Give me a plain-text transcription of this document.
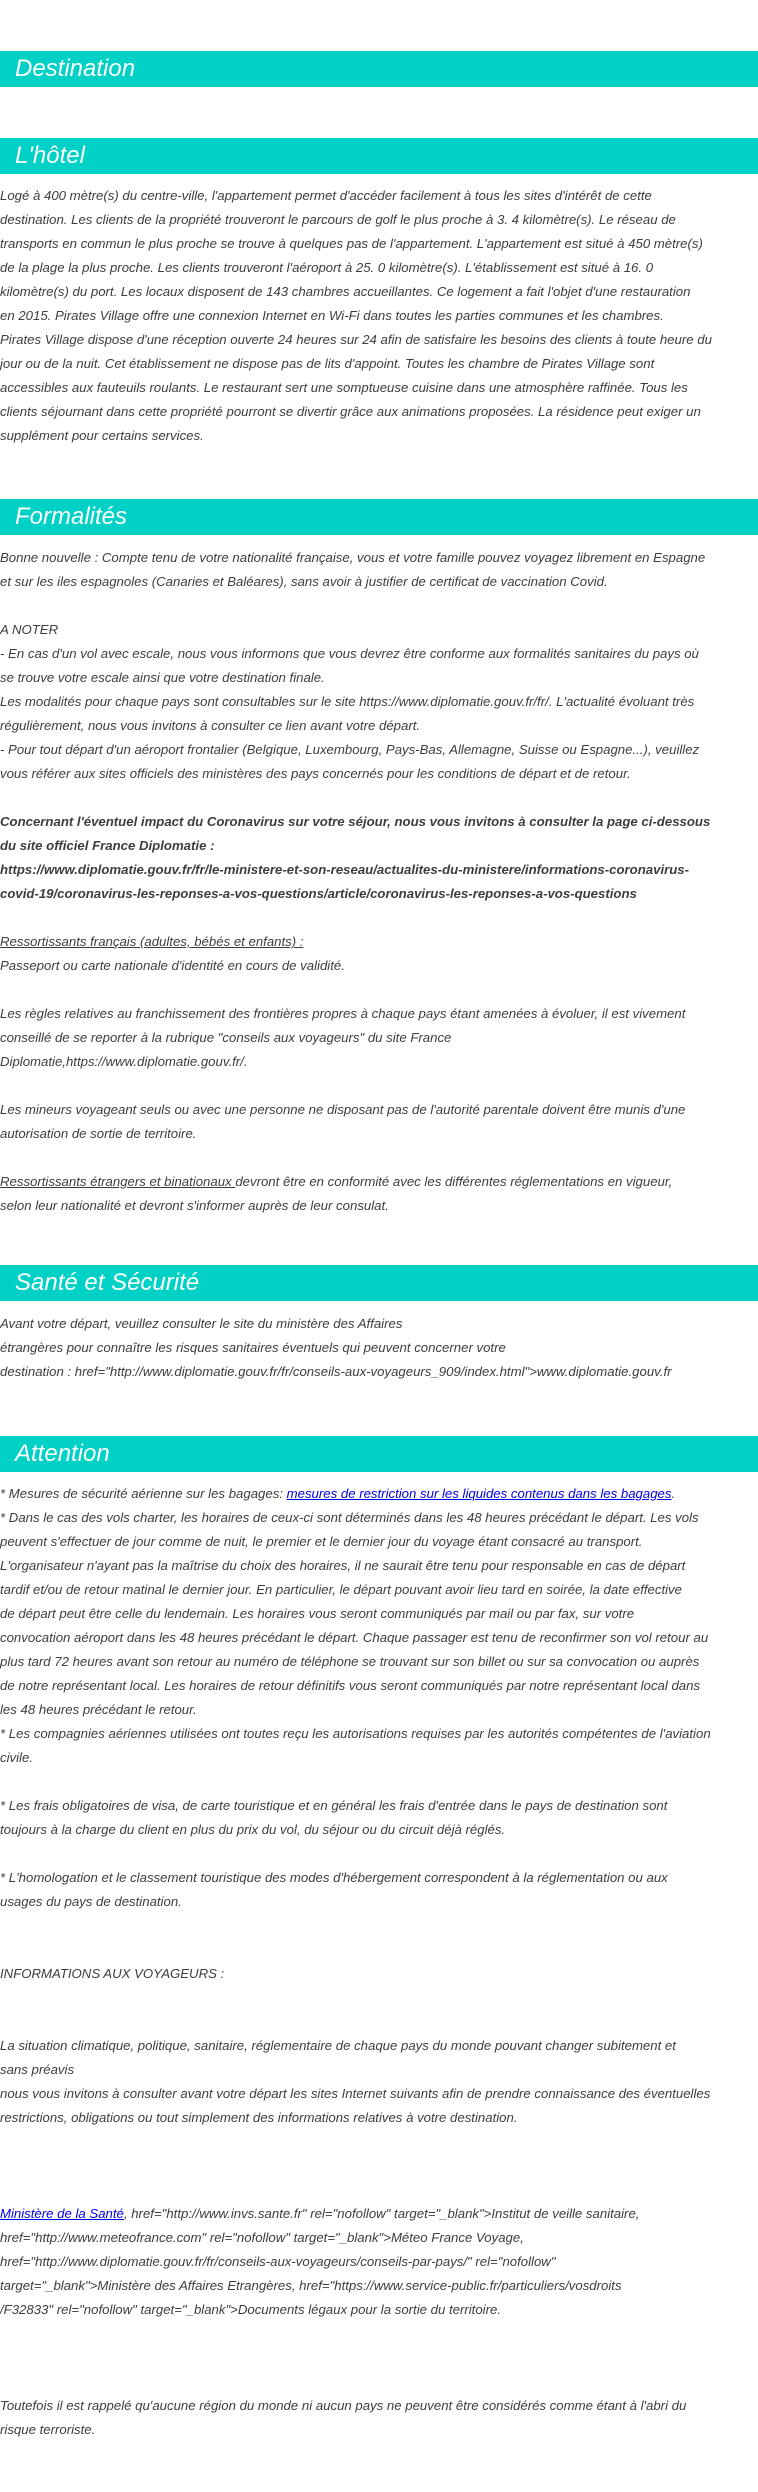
Destination
L'hôtel
Logé à 400 mètre(s) du centre-ville, l'appartement permet d'accéder facilement à tous les sites d'intérêt de cette
destination. Les clients de la propriété trouveront le parcours de golf le plus proche à 3. 4 kilomètre(s). Le réseau de
transports en commun le plus proche se trouve à quelques pas de l'appartement. L'appartement est situé à 450 mètre(s)
de la plage la plus proche. Les clients trouveront l'aéroport à 25. 0 kilomètre(s). L'établissement est situé à 16. 0
kilomètre(s) du port. Les locaux disposent de 143 chambres accueillantes. Ce logement a fait l'objet d'une restauration
en 2015. Pirates Village offre une connexion Internet en Wi-Fi dans toutes les parties communes et les chambres.
Pirates Village dispose d'une réception ouverte 24 heures sur 24 afin de satisfaire les besoins des clients à toute heure du
jour ou de la nuit. Cet établissement ne dispose pas de lits d'appoint. Toutes les chambre de Pirates Village sont
accessibles aux fauteuils roulants. Le restaurant sert une somptueuse cuisine dans une atmosphère raffinée. Tous les
clients séjournant dans cette propriété pourront se divertir grâce aux animations proposées. La résidence peut exiger un
supplément pour certains services.
Formalités
Bonne nouvelle : Compte tenu de votre nationalité française, vous et votre famille pouvez voyagez librement en Espagne
et sur les iles espagnoles (Canaries et Baléares), sans avoir à justifier de certificat de vaccination Covid.
A NOTER
- En cas d'un vol avec escale, nous vous informons que vous devrez être conforme aux formalités sanitaires du pays où
se trouve votre escale ainsi que votre destination finale.
Les modalités pour chaque pays sont consultables sur le site https://www.diplomatie.gouv.fr/fr/. L'actualité évoluant très
régulièrement, nous vous invitons à consulter ce lien avant votre départ.
- Pour tout départ d'un aéroport frontalier (Belgique, Luxembourg, Pays-Bas, Allemagne, Suisse ou Espagne...), veuillez
vous référer aux sites officiels des ministères des pays concernés pour les conditions de départ et de retour.
Concernant l'éventuel impact du Coronavirus sur votre séjour, nous vous invitons à consulter la page ci-dessous
du site officiel France Diplomatie :
https://www.diplomatie.gouv.fr/fr/le-ministere-et-son-reseau/actualites-du-ministere/informations-coronavirus-
covid-19/coronavirus-les-reponses-a-vos-questions/article/coronavirus-les-reponses-a-vos-questions
Ressortissants français (adultes, bébés et enfants) :
Passeport ou carte nationale d'identité en cours de validité.
Les règles relatives au franchissement des frontières propres à chaque pays étant amenées à évoluer, il est vivement
conseillé de se reporter à la rubrique "conseils aux voyageurs" du site France
Diplomatie,https://www.diplomatie.gouv.fr/.
Les mineurs voyageant seuls ou avec une personne ne disposant pas de l'autorité parentale doivent être munis d'une
autorisation de sortie de territoire.
Ressortissants étrangers et binationaux devront être en conformité avec les différentes réglementations en vigueur,
selon leur nationalité et devront s'informer auprès de leur consulat.
Santé et Sécurité
Avant votre départ, veuillez consulter le site du ministère des Affaires
étrangères pour connaître les risques sanitaires éventuels qui peuvent concerner votre
destination : href="http://www.diplomatie.gouv.fr/fr/conseils-aux-voyageurs_909/index.html">www.diplomatie.gouv.fr
Attention
* Mesures de sécurité aérienne sur les bagages: mesures de restriction sur les liquides contenus dans les bagages.
* Dans le cas des vols charter, les horaires de ceux-ci sont déterminés dans les 48 heures précédant le départ. Les vols
peuvent s'effectuer de jour comme de nuit, le premier et le dernier jour du voyage étant consacré au transport.
L'organisateur n'ayant pas la maîtrise du choix des horaires, il ne saurait être tenu pour responsable en cas de départ
tardif et/ou de retour matinal le dernier jour. En particulier, le départ pouvant avoir lieu tard en soirée, la date effective
de départ peut être celle du lendemain. Les horaires vous seront communiqués par mail ou par fax, sur votre
convocation aéroport dans les 48 heures précédant le départ. Chaque passager est tenu de reconfirmer son vol retour au
plus tard 72 heures avant son retour au numéro de téléphone se trouvant sur son billet ou sur sa convocation ou auprès
de notre représentant local. Les horaires de retour définitifs vous seront communiqués par notre représentant local dans
les 48 heures précédant le retour.
* Les compagnies aériennes utilisées ont toutes reçu les autorisations requises par les autorités compétentes de l'aviation
civile.
* Les frais obligatoires de visa, de carte touristique et en général les frais d'entrée dans le pays de destination sont
toujours à la charge du client en plus du prix du vol, du séjour ou du circuit déjà réglés.
* L'homologation et le classement touristique des modes d'hébergement correspondent à la réglementation ou aux
usages du pays de destination.
INFORMATIONS AUX VOYAGEURS :
La situation climatique, politique, sanitaire, réglementaire de chaque pays du monde pouvant changer subitement et
sans préavis
nous vous invitons à consulter avant votre départ les sites Internet suivants afin de prendre connaissance des éventuelles
restrictions, obligations ou tout simplement des informations relatives à votre destination.
Ministère de la Santé, href="http://www.invs.sante.fr" rel="nofollow" target="_blank">Institut de veille sanitaire,
href="http://www.meteofrance.com" rel="nofollow" target="_blank">Méteo France Voyage,
href="http://www.diplomatie.gouv.fr/fr/conseils-aux-voyageurs/conseils-par-pays/" rel="nofollow"
target="_blank">Ministère des Affaires Etrangères, href="https://www.service-public.fr/particuliers/vosdroits
/F32833" rel="nofollow" target="_blank">Documents légaux pour la sortie du territoire.
Toutefois il est rappelé qu'aucune région du monde ni aucun pays ne peuvent être considérés comme étant à l'abri du
risque terroriste.
